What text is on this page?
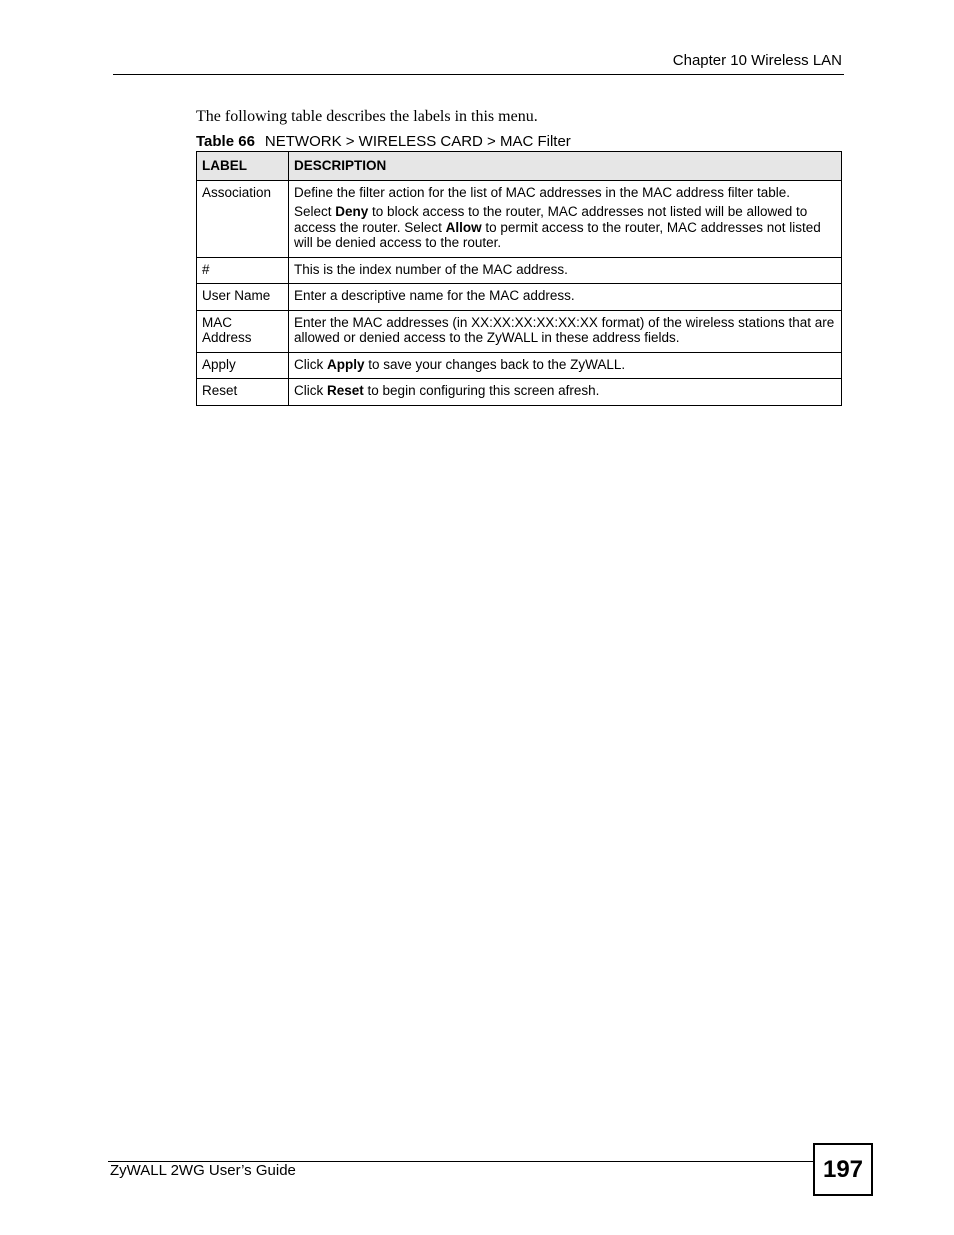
Chapter 10 Wireless LAN
The following table describes the labels in this menu.
Table 66 NETWORK > WIRELESS CARD > MAC Filter
LABEL	DESCRIPTION
Association	Define the filter action for the list of MAC addresses in the MAC address filter table.
Select Deny to block access to the router, MAC addresses not listed will be allowed to access the router. Select Allow to permit access to the router, MAC addresses not listed will be denied access to the router.

#	This is the index number of the MAC address.
User Name	Enter a descriptive name for the MAC address.
MAC Address	Enter the MAC addresses (in XX:XX:XX:XX:XX:XX format) of the wireless stations that are allowed or denied access to the ZyWALL in these address fields.
Apply	Click Apply to save your changes back to the ZyWALL.
Reset	Click Reset to begin configuring this screen afresh.
ZyWALL 2WG User’s Guide	197
